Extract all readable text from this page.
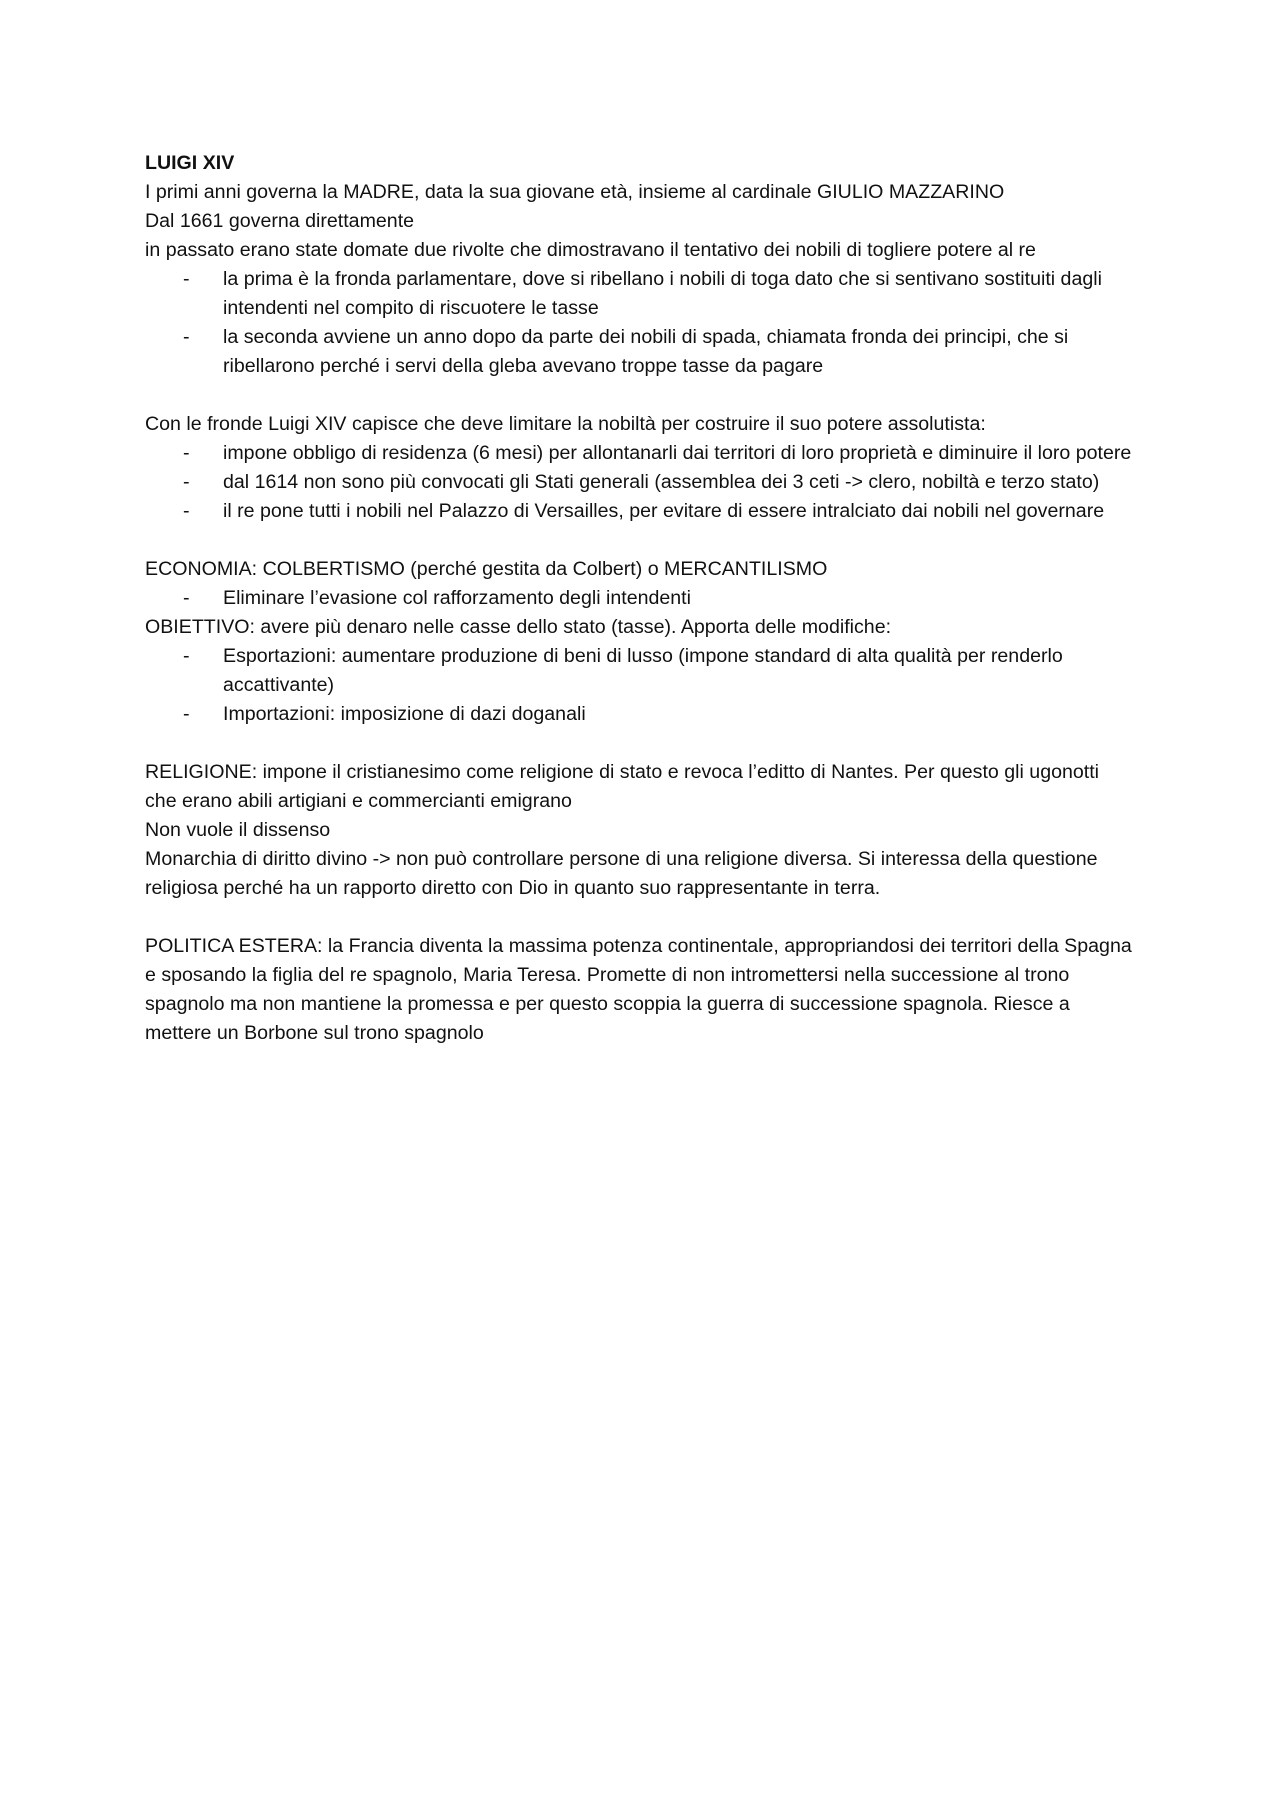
LUIGI XIV

I primi anni governa la MADRE, data la sua giovane età, insieme al cardinale GIULIO MAZZARINO

Dal 1661 governa direttamente

in passato erano state domate due rivolte che dimostravano il tentativo dei nobili di togliere potere al re

- la prima è la fronda parlamentare, dove si ribellano i nobili di toga dato che si sentivano sostituiti dagli intendenti nel compito di riscuotere le tasse
- la seconda avviene un anno dopo da parte dei nobili di spada, chiamata fronda dei principi, che si ribellarono perché i servi della gleba avevano troppe tasse da pagare

Con le fronde Luigi XIV capisce che deve limitare la nobiltà per costruire il suo potere assolutista:

- impone obbligo di residenza (6 mesi) per allontanarli dai territori di loro proprietà e diminuire il loro potere
- dal 1614 non sono più convocati gli Stati generali (assemblea dei 3 ceti -> clero, nobiltà e terzo stato)
- il re pone tutti i nobili nel Palazzo di Versailles, per evitare di essere intralciato dai nobili nel governare

ECONOMIA: COLBERTISMO (perché gestita da Colbert) o MERCANTILISMO

- Eliminare l’evasione col rafforzamento degli intendenti

OBIETTIVO: avere più denaro nelle casse dello stato (tasse). Apporta delle modifiche:

- Esportazioni: aumentare produzione di beni di lusso (impone standard di alta qualità per renderlo accattivante)
- Importazioni: imposizione di dazi doganali

RELIGIONE: impone il cristianesimo come religione di stato e revoca l’editto di Nantes. Per questo gli ugonotti che erano abili artigiani e commercianti emigrano

Non vuole il dissenso

Monarchia di diritto divino -> non può controllare persone di una religione diversa. Si interessa della questione religiosa perché ha un rapporto diretto con Dio in quanto suo rappresentante in terra.

POLITICA ESTERA: la Francia diventa la massima potenza continentale, appropriandosi dei territori della Spagna e sposando la figlia del re spagnolo, Maria Teresa. Promette di non intromettersi nella successione al trono spagnolo ma non mantiene la promessa e per questo scoppia la guerra di successione spagnola. Riesce a mettere un Borbone sul trono spagnolo
